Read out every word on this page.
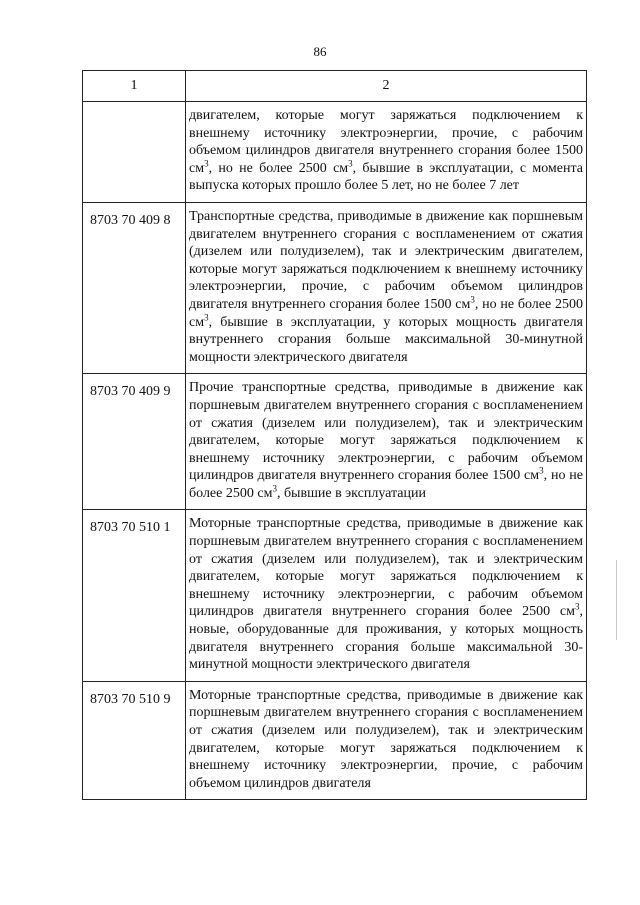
86
1	2
	двигателем, которые могут заряжаться подключением к внешнему источнику электроэнергии, прочие, с рабочим объемом цилиндров двигателя внутреннего сгорания более 1500 $см^3$, но не более 2500 $см^3$, бывшие в эксплуатации, с момента выпуска которых прошло более 5 лет, но не более 7 лет
8703 70 409 8	Транспортные средства, приводимые в движение как поршневым двигателем внутреннего сгорания с воспламенением от сжатия (дизелем или полудизелем), так и электрическим двигателем, которые могут заряжаться подключением к внешнему источнику электроэнергии, прочие, с рабочим объемом цилиндров двигателя внутреннего сгорания более 1500 $см^3$, но не более 2500 $см^3$, бывшие в эксплуатации, у которых мощность двигателя внутреннего сгорания больше максимальной 30-минутной мощности электрического двигателя
8703 70 409 9	Прочие транспортные средства, приводимые в движение как поршневым двигателем внутреннего сгорания с воспламенением от сжатия (дизелем или полудизелем), так и электрическим двигателем, которые могут заряжаться подключением к внешнему источнику электроэнергии, с рабочим объемом цилиндров двигателя внутреннего сгорания более 1500 $см^3$, но не более 2500 $см^3$, бывшие в эксплуатации
8703 70 510 1	Моторные транспортные средства, приводимые в движение как поршневым двигателем внутреннего сгорания с воспламенением от сжатия (дизелем или полудизелем), так и электрическим двигателем, которые могут заряжаться подключением к внешнему источнику электроэнергии, с рабочим объемом цилиндров двигателя внутреннего сгорания более 2500 $см^3$, новые, оборудованные для проживания, у которых мощность двигателя внутреннего сгорания больше максимальной 30-минутной мощности электрического двигателя
8703 70 510 9	Моторные транспортные средства, приводимые в движение как поршневым двигателем внутреннего сгорания с воспламенением от сжатия (дизелем или полудизелем), так и электрическим двигателем, которые могут заряжаться подключением к внешнему источнику электроэнергии, прочие, с рабочим объемом цилиндров двигателя
